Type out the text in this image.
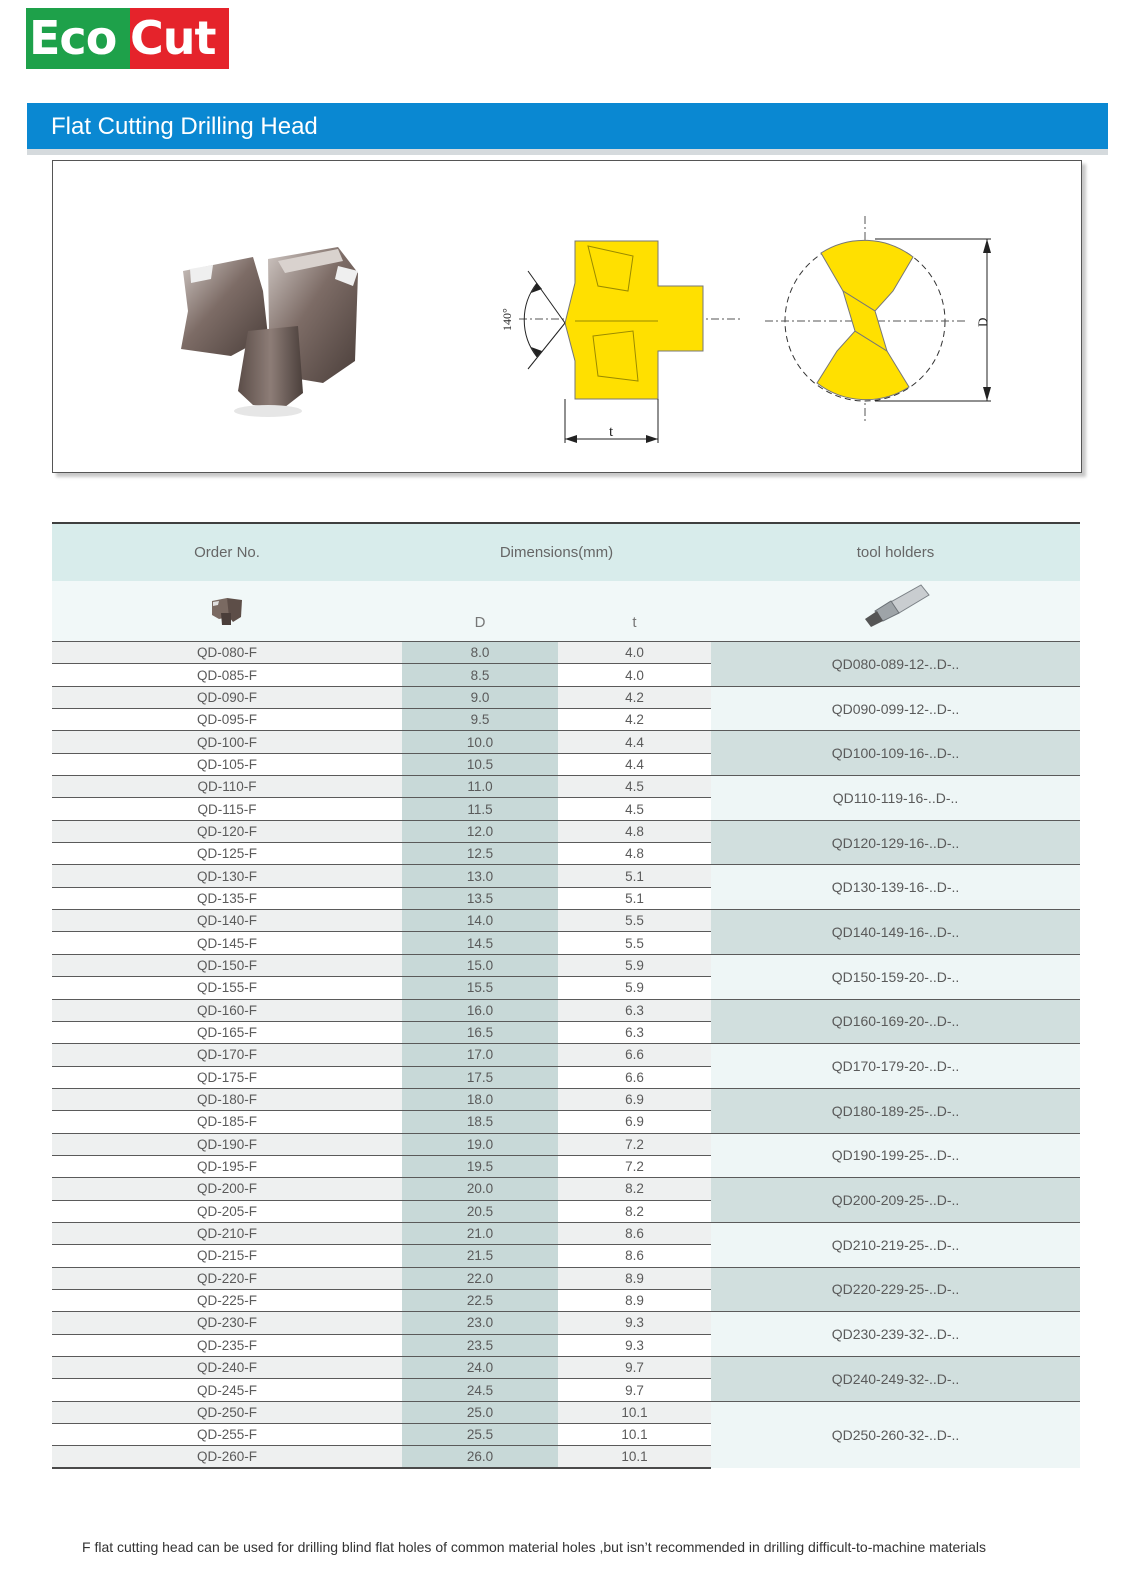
Eco Cut
Flat Cutting Drilling Head
140°
t
D
Order No.	Dimensions(mm)		tool holders

	D	t	

QD-080-F	8.0	4.0	QD080-089-12-..D-..
QD-085-F	8.5	4.0	
QD-090-F	9.0	4.2	QD090-099-12-..D-..
QD-095-F	9.5	4.2	
QD-100-F	10.0	4.4	QD100-109-16-..D-..
QD-105-F	10.5	4.4	
QD-110-F	11.0	4.5	QD110-119-16-..D-..
QD-115-F	11.5	4.5	
QD-120-F	12.0	4.8	QD120-129-16-..D-..
QD-125-F	12.5	4.8	
QD-130-F	13.0	5.1	QD130-139-16-..D-..
QD-135-F	13.5	5.1	
QD-140-F	14.0	5.5	QD140-149-16-..D-..
QD-145-F	14.5	5.5	
QD-150-F	15.0	5.9	QD150-159-20-..D-..
QD-155-F	15.5	5.9	
QD-160-F	16.0	6.3	QD160-169-20-..D-..
QD-165-F	16.5	6.3	
QD-170-F	17.0	6.6	QD170-179-20-..D-..
QD-175-F	17.5	6.6	
QD-180-F	18.0	6.9	QD180-189-25-..D-..
QD-185-F	18.5	6.9	
QD-190-F	19.0	7.2	QD190-199-25-..D-..
QD-195-F	19.5	7.2	
QD-200-F	20.0	8.2	QD200-209-25-..D-..
QD-205-F	20.5	8.2	
QD-210-F	21.0	8.6	QD210-219-25-..D-..
QD-215-F	21.5	8.6	
QD-220-F	22.0	8.9	QD220-229-25-..D-..
QD-225-F	22.5	8.9	
QD-230-F	23.0	9.3	QD230-239-32-..D-..
QD-235-F	23.5	9.3	
QD-240-F	24.0	9.7	QD240-249-32-..D-..
QD-245-F	24.5	9.7	
QD-250-F	25.0	10.1	QD250-260-32-..D-..
QD-255-F	25.5	10.1	
QD-260-F	26.0	10.1	
F flat cutting head can be used for drilling blind flat holes of common material holes ,but isn’t recommended in drilling difficult-to-machine materials
